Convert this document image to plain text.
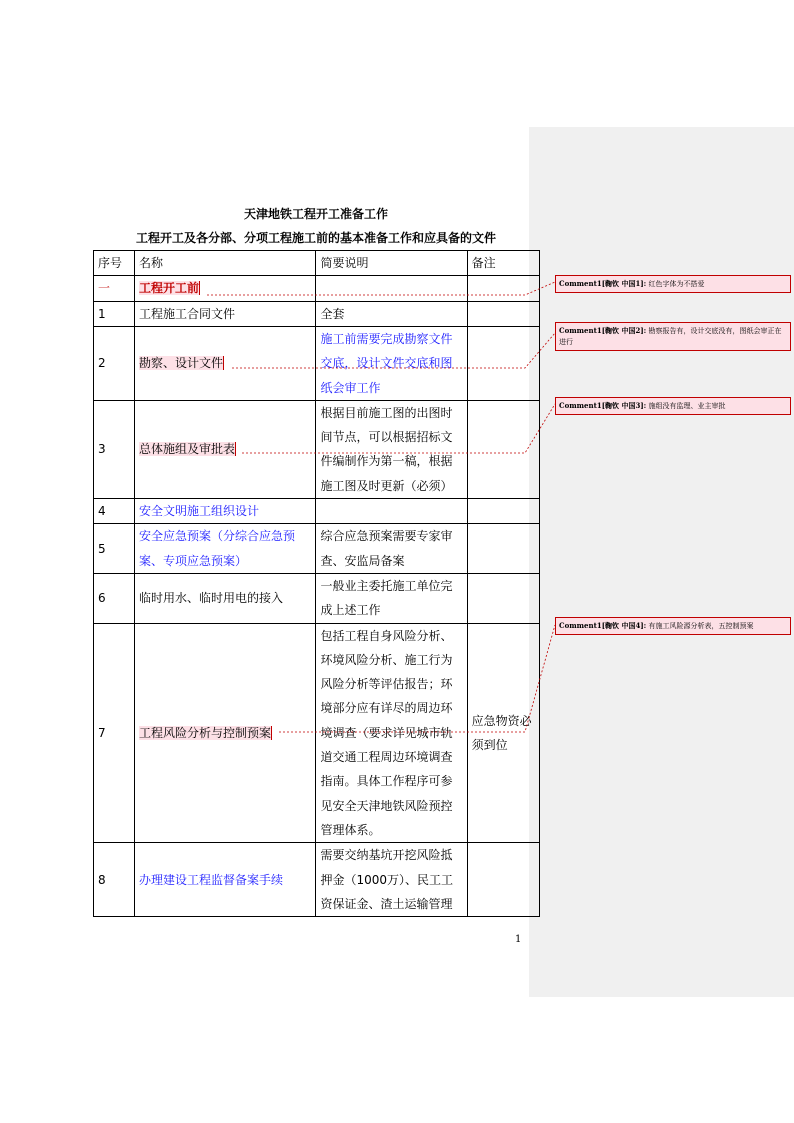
天津地铁工程开工准备工作
工程开工及各分部、分项工程施工前的基本准备工作和应具备的文件
序号	名称	简要说明	备注
一	工程开工前		
1	工程施工合同文件	全套	
2	勘察、设计文件	施工前需要完成勘察文件交底，设计文件交底和图纸会审工作	
3	总体施组及审批表	根据目前施工图的出图时间节点，可以根据招标文件编制作为第一稿，根据施工图及时更新（必须）	
4	安全文明施工组织设计		
5	安全应急预案（分综合应急预案、专项应急预案）	综合应急预案需要专家审查、安监局备案	
6	临时用水、临时用电的接入	一般业主委托施工单位完成上述工作	
7	工程风险分析与控制预案	包括工程自身风险分析、环境风险分析、施工行为风险分析等评估报告；环境部分应有详尽的周边环境调查（要求详见城市轨道交通工程周边环境调查指南。具体工作程序可参见安全天津地铁风险预控管理体系。	应急物资必须到位
8	办理建设工程监督备案手续	需要交纳基坑开挖风险抵押金（1000万）、民工工资保证金、渣土运输管理	
1
Comment1[鞠钦 中国1]: 红色字体为不搭爱
Comment1[鞠钦 中国2]: 勘察报告有，设计交底没有，图纸会审正在进行
Comment1[鞠钦 中国3]: 施组没有监理、业主审批
Comment1[鞠钦 中国4]: 有施工风险源分析表，五控制预案
